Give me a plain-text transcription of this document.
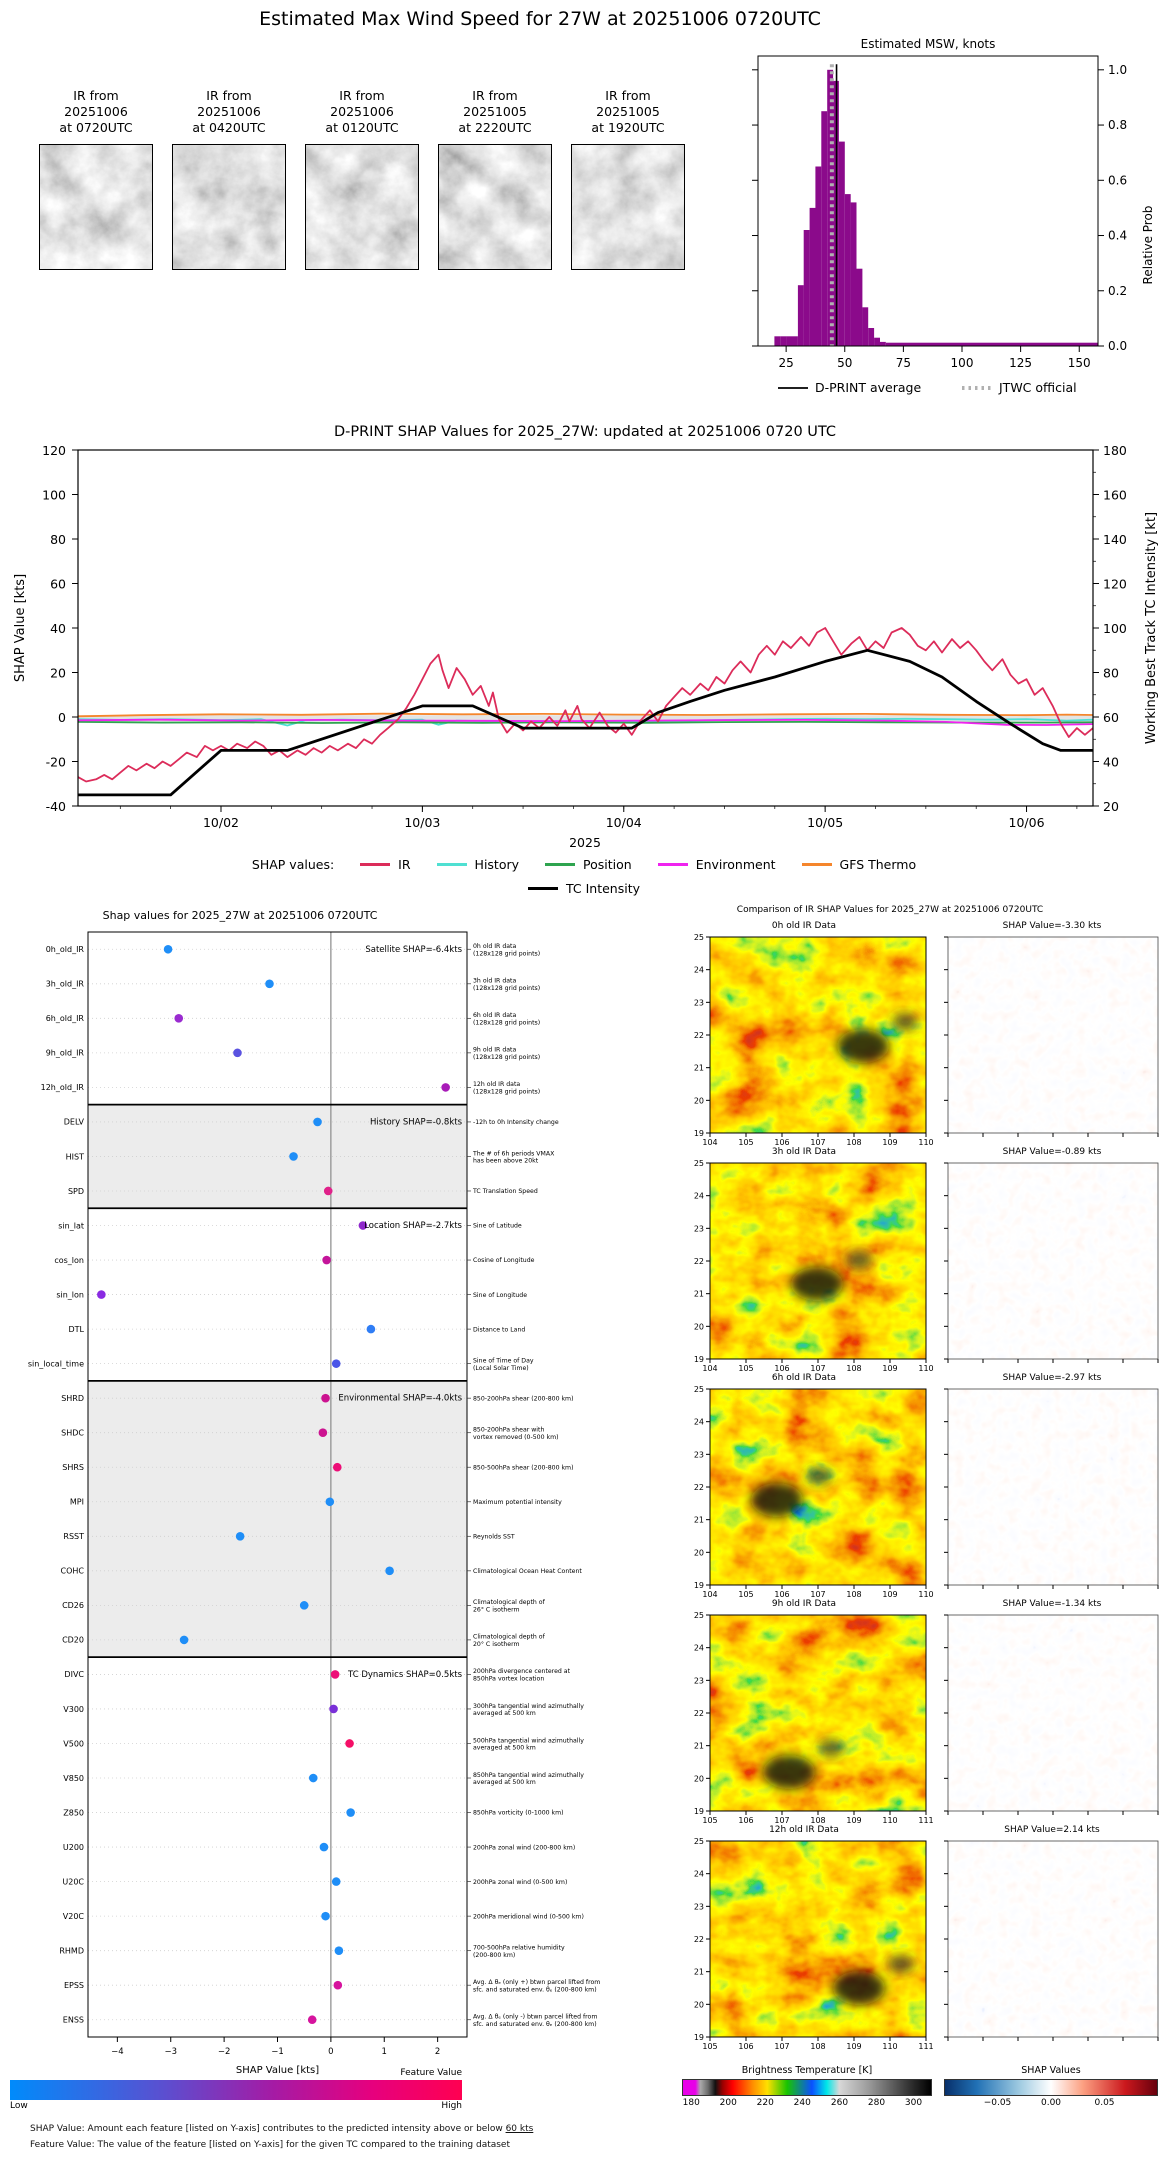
Estimated Max Wind Speed for 27W at 20251006 0720UTC
IR from
20251006
at 0720UTC
IR from
20251006
at 0420UTC
IR from
20251006
at 0120UTC
IR from
20251005
at 2220UTC
IR from
20251005
at 1920UTC
Estimated MSW, knots
0.0
0.2
0.4
0.6
0.8
1.0
25	50	75	100	125	150
Relative Prob
D-PRINT average	JTWC official
D-PRINT SHAP Values for 2025_27W: updated at 20251006 0720 UTC
-40
-20
0
20
40
60
80
100
120
20
40
60
80
100
120
140
160
180
10/02	10/03	10/04	10/05	10/06
2025
SHAP Value [kts]	Working Best Track TC Intensity [kt]
SHAP values:	IR	History	Position	Environment	GFS Thermo
TC Intensity
Shap values for 2025_27W at 20251006 0720UTC
0h_old_IR	0h old IR data
(128x128 grid points)
3h_old_IR	3h old IR data
(128x128 grid points)
6h_old_IR	6h old IR data
(128x128 grid points)
9h_old_IR	9h old IR data
(128x128 grid points)
12h_old_IR	12h old IR data
(128x128 grid points)
DELV	-12h to 0h Intensity change
HIST	The # of 6h periods VMAX
has been above 20kt
SPD	TC Translation Speed
sin_lat	Sine of Latitude
cos_lon	Cosine of Longitude
sin_lon	Sine of Longitude
DTL	Distance to Land
sin_local_time	Sine of Time of Day
(Local Solar Time)
SHRD	850-200hPa shear (200-800 km)
SHDC	850-200hPa shear with
vortex removed (0-500 km)
SHRS	850-500hPa shear (200-800 km)
MPI	Maximum potential intensity
RSST	Reynolds SST
COHC	Climatological Ocean Heat Content
CD26	Climatological depth of
26° C isotherm
CD20	Climatological depth of
20° C isotherm
DIVC	200hPa divergence centered at
850hPa vortex location
V300	300hPa tangential wind azimuthally
averaged at 500 km
V500	500hPa tangential wind azimuthally
averaged at 500 km
V850	850hPa tangential wind azimuthally
averaged at 500 km
Z850	850hPa vorticity (0-1000 km)
U200	200hPa zonal wind (200-800 km)
U20C	200hPa zonal wind (0-500 km)
V20C	200hPa meridional wind (0-500 km)
RHMD	700-500hPa relative humidity
(200-800 km)
EPSS	Avg. Δ θₑ (only +) btwn parcel lifted from
sfc. and saturated env. θₑ (200-800 km)
ENSS	Avg. Δ θₑ (only -) btwn parcel lifted from
sfc. and saturated env. θₑ (200-800 km)
Satellite SHAP=-6.4kts
History SHAP=-0.8kts
Location SHAP=-2.7kts
Environmental SHAP=-4.0kts
TC Dynamics SHAP=0.5kts
−4	−3	−2	−1	0	1	2
SHAP Value [kts]	Feature Value
Low	High
SHAP Value: Amount each feature [listed on Y-axis] contributes to the predicted intensity above or below 60 kts
Feature Value: The value of the feature [listed on Y-axis] for the given TC compared to the training dataset
Comparison of IR SHAP Values for 2025_27W at 20251006 0720UTC
0h old IR Data
25
24
23
22
21
20
19
104	105	106	107	108	109	110
SHAP Value=-3.30 kts
3h old IR Data
25
24
23
22
21
20
19
104	105	106	107	108	109	110
SHAP Value=-0.89 kts
6h old IR Data
25
24
23
22
21
20
19
104	105	106	107	108	109	110
SHAP Value=-2.97 kts
9h old IR Data
25
24
23
22
21
20
19
105	106	107	108	109	110	111
SHAP Value=-1.34 kts
12h old IR Data
25
24
23
22
21
20
19
105	106	107	108	109	110	111
SHAP Value=2.14 kts
Brightness Temperature [K]
180 200 220 240 260 280 300
SHAP Values
−0.05	0.00	0.05
